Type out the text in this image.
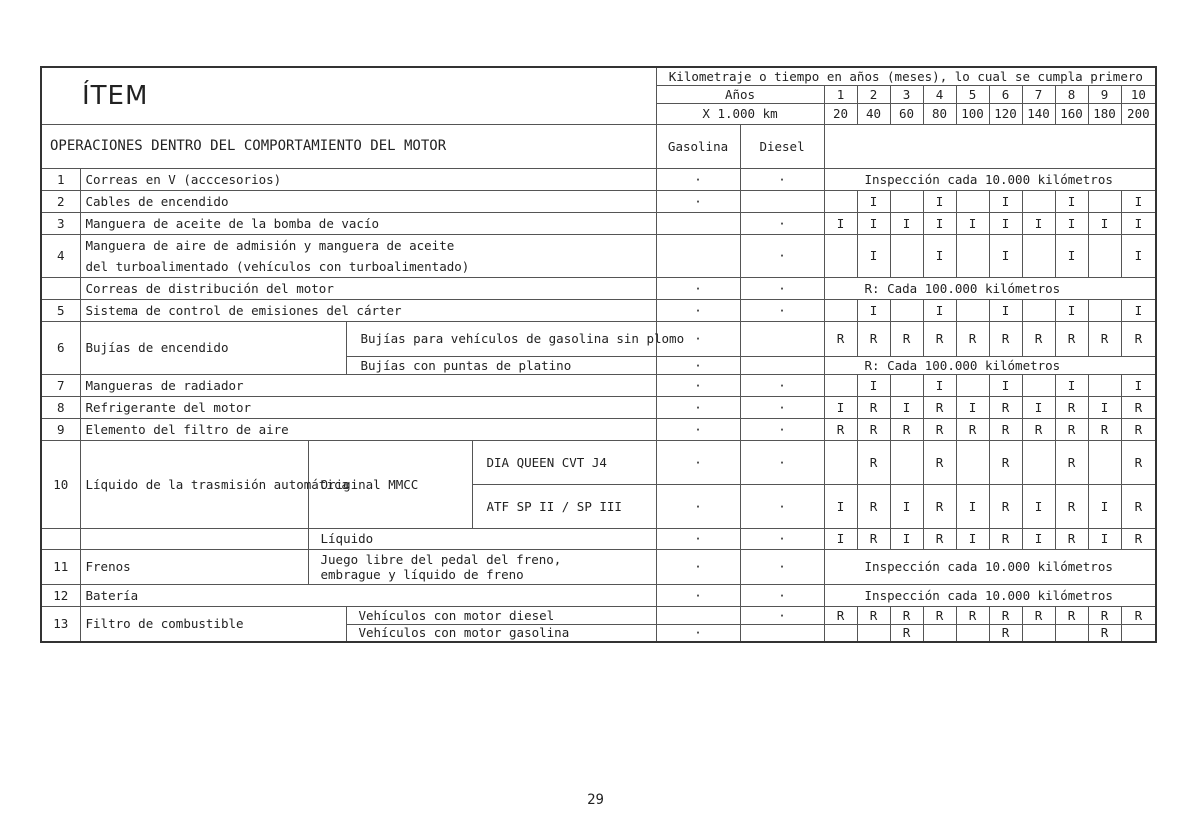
ÍTEM					Kilometraje o tiempo en años (meses), lo cual se cumpla primero											
					Años		1	2	3	4	5	6	7	8	9	10
					X 1.000 km		20	40	60	80	100	120	140	160	180	200
OPERACIONES DENTRO DEL COMPORTAMIENTO DEL MOTOR					Gasolina	Diesel										
1	Correas en V (acccesorios)				·	·	Inspección cada 10.000 kilómetros									
2	Cables de encendido				·			I		I		I		I		I
3	Manguera de aceite de la bomba de vacío					·	I	I	I	I	I	I	I	I	I	I
4	Manguera de aire de admisión y manguera de aceite
del turboalimentado (vehículos con turboalimentado)					·		I		I		I		I		I
	Correas de distribución del motor				·	·	R: Cada 100.000 kilómetros									
5	Sistema de control de emisiones del cárter				·	·		I		I		I		I		I
6	Bujías de encendido		Bujías para vehículos de gasolina sin plomo		·		R	R	R	R	R	R	R	R	R	R
			Bujías con puntas de platino		·		R: Cada 100.000 kilómetros									
7	Mangueras de radiador				·	·		I		I		I		I		I
8	Refrigerante del motor				·	·	I	R	I	R	I	R	I	R	I	R
9	Elemento del filtro de aire				·	·	R	R	R	R	R	R	R	R	R	R
10	Líquido de la trasmisión automática	Original MMCC		DIA QUEEN CVT J4	·	·		R		R		R		R		R
				ATF SP II / SP III	·	·	I	R	I	R	I	R	I	R	I	R
		Líquido			·	·	I	R	I	R	I	R	I	R	I	R
11	Frenos	Juego libre del pedal del freno,
embrague y líquido de freno			·	·	Inspección cada 10.000 kilómetros									
12	Batería				·	·	Inspección cada 10.000 kilómetros									
13	Filtro de combustible		Vehículos con motor diesel			·	R	R	R	R	R	R	R	R	R	R
			Vehículos con motor gasolina		·				R			R			R	
29
